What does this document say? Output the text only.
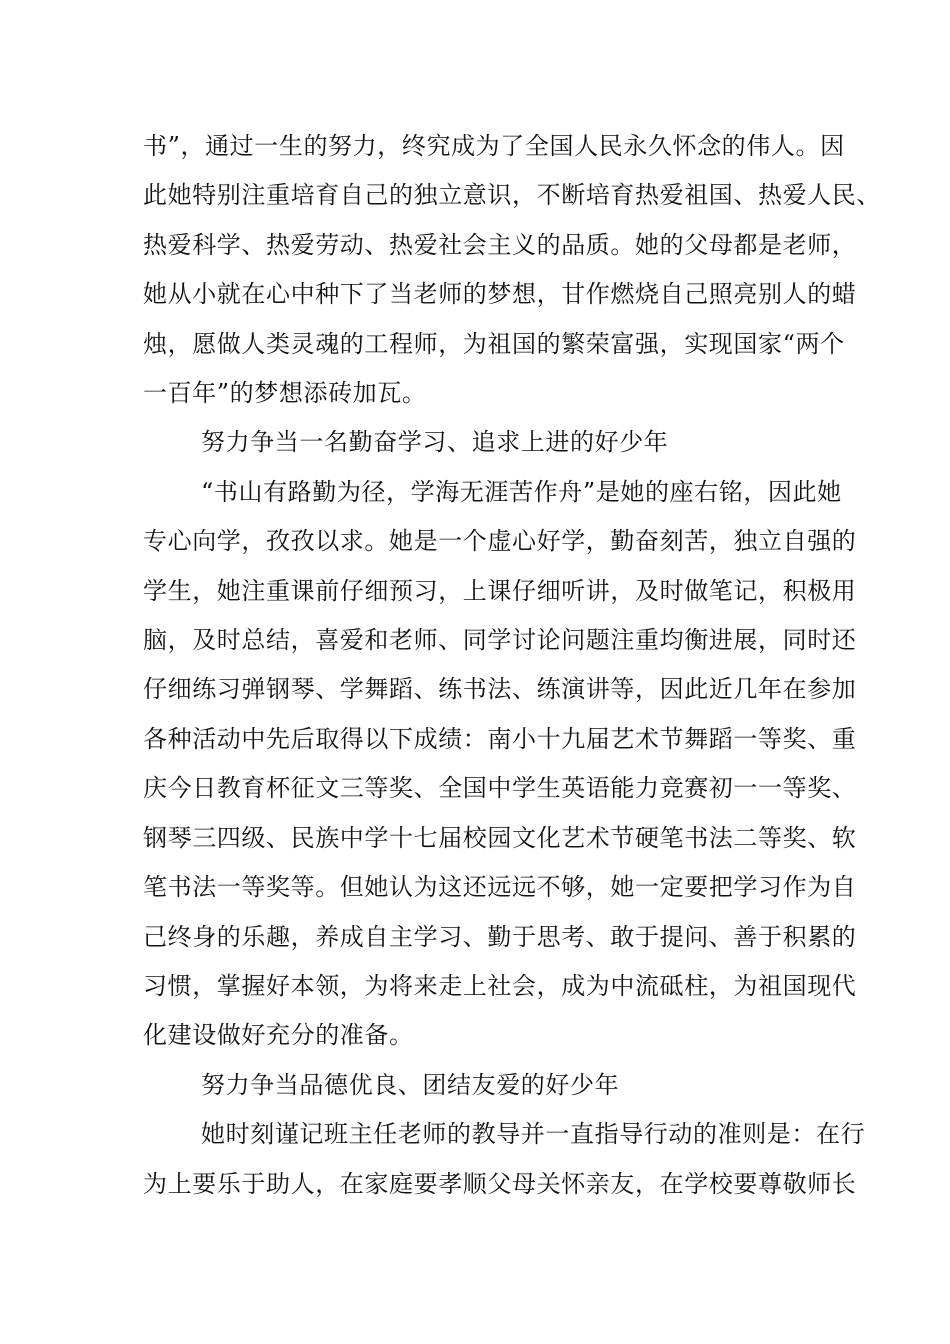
书”，通过一生的努力，终究成为了全国人民永久怀念的伟人。因
此她特别注重培育自己的独立意识，不断培育热爱祖国、热爱人民、
热爱科学、热爱劳动、热爱社会主义的品质。她的父母都是老师，
她从小就在心中种下了当老师的梦想，甘作燃烧自己照亮别人的蜡
烛，愿做人类灵魂的工程师，为祖国的繁荣富强，实现国家“两个
一百年”的梦想添砖加瓦。

努力争当一名勤奋学习、追求上进的好少年

“书山有路勤为径，学海无涯苦作舟”是她的座右铭，因此她

专心向学，孜孜以求。她是一个虚心好学，勤奋刻苦，独立自强的
学生，她注重课前仔细预习，上课仔细听讲，及时做笔记，积极用
脑，及时总结，喜爱和老师、同学讨论问题注重均衡进展，同时还
仔细练习弹钢琴、学舞蹈、练书法、练演讲等，因此近几年在参加
各种活动中先后取得以下成绩：南小十九届艺术节舞蹈一等奖、重
庆今日教育杯征文三等奖、全国中学生英语能力竞赛初一一等奖、
钢琴三四级、民族中学十七届校园文化艺术节硬笔书法二等奖、软
笔书法一等奖等。但她认为这还远远不够，她一定要把学习作为自
己终身的乐趣，养成自主学习、勤于思考、敢于提问、善于积累的
习惯，掌握好本领，为将来走上社会，成为中流砥柱，为祖国现代
化建设做好充分的准备。

努力争当品德优良、团结友爱的好少年

她时刻谨记班主任老师的教导并一直指导行动的准则是：在行

为上要乐于助人，在家庭要孝顺父母关怀亲友，在学校要尊敬师长
